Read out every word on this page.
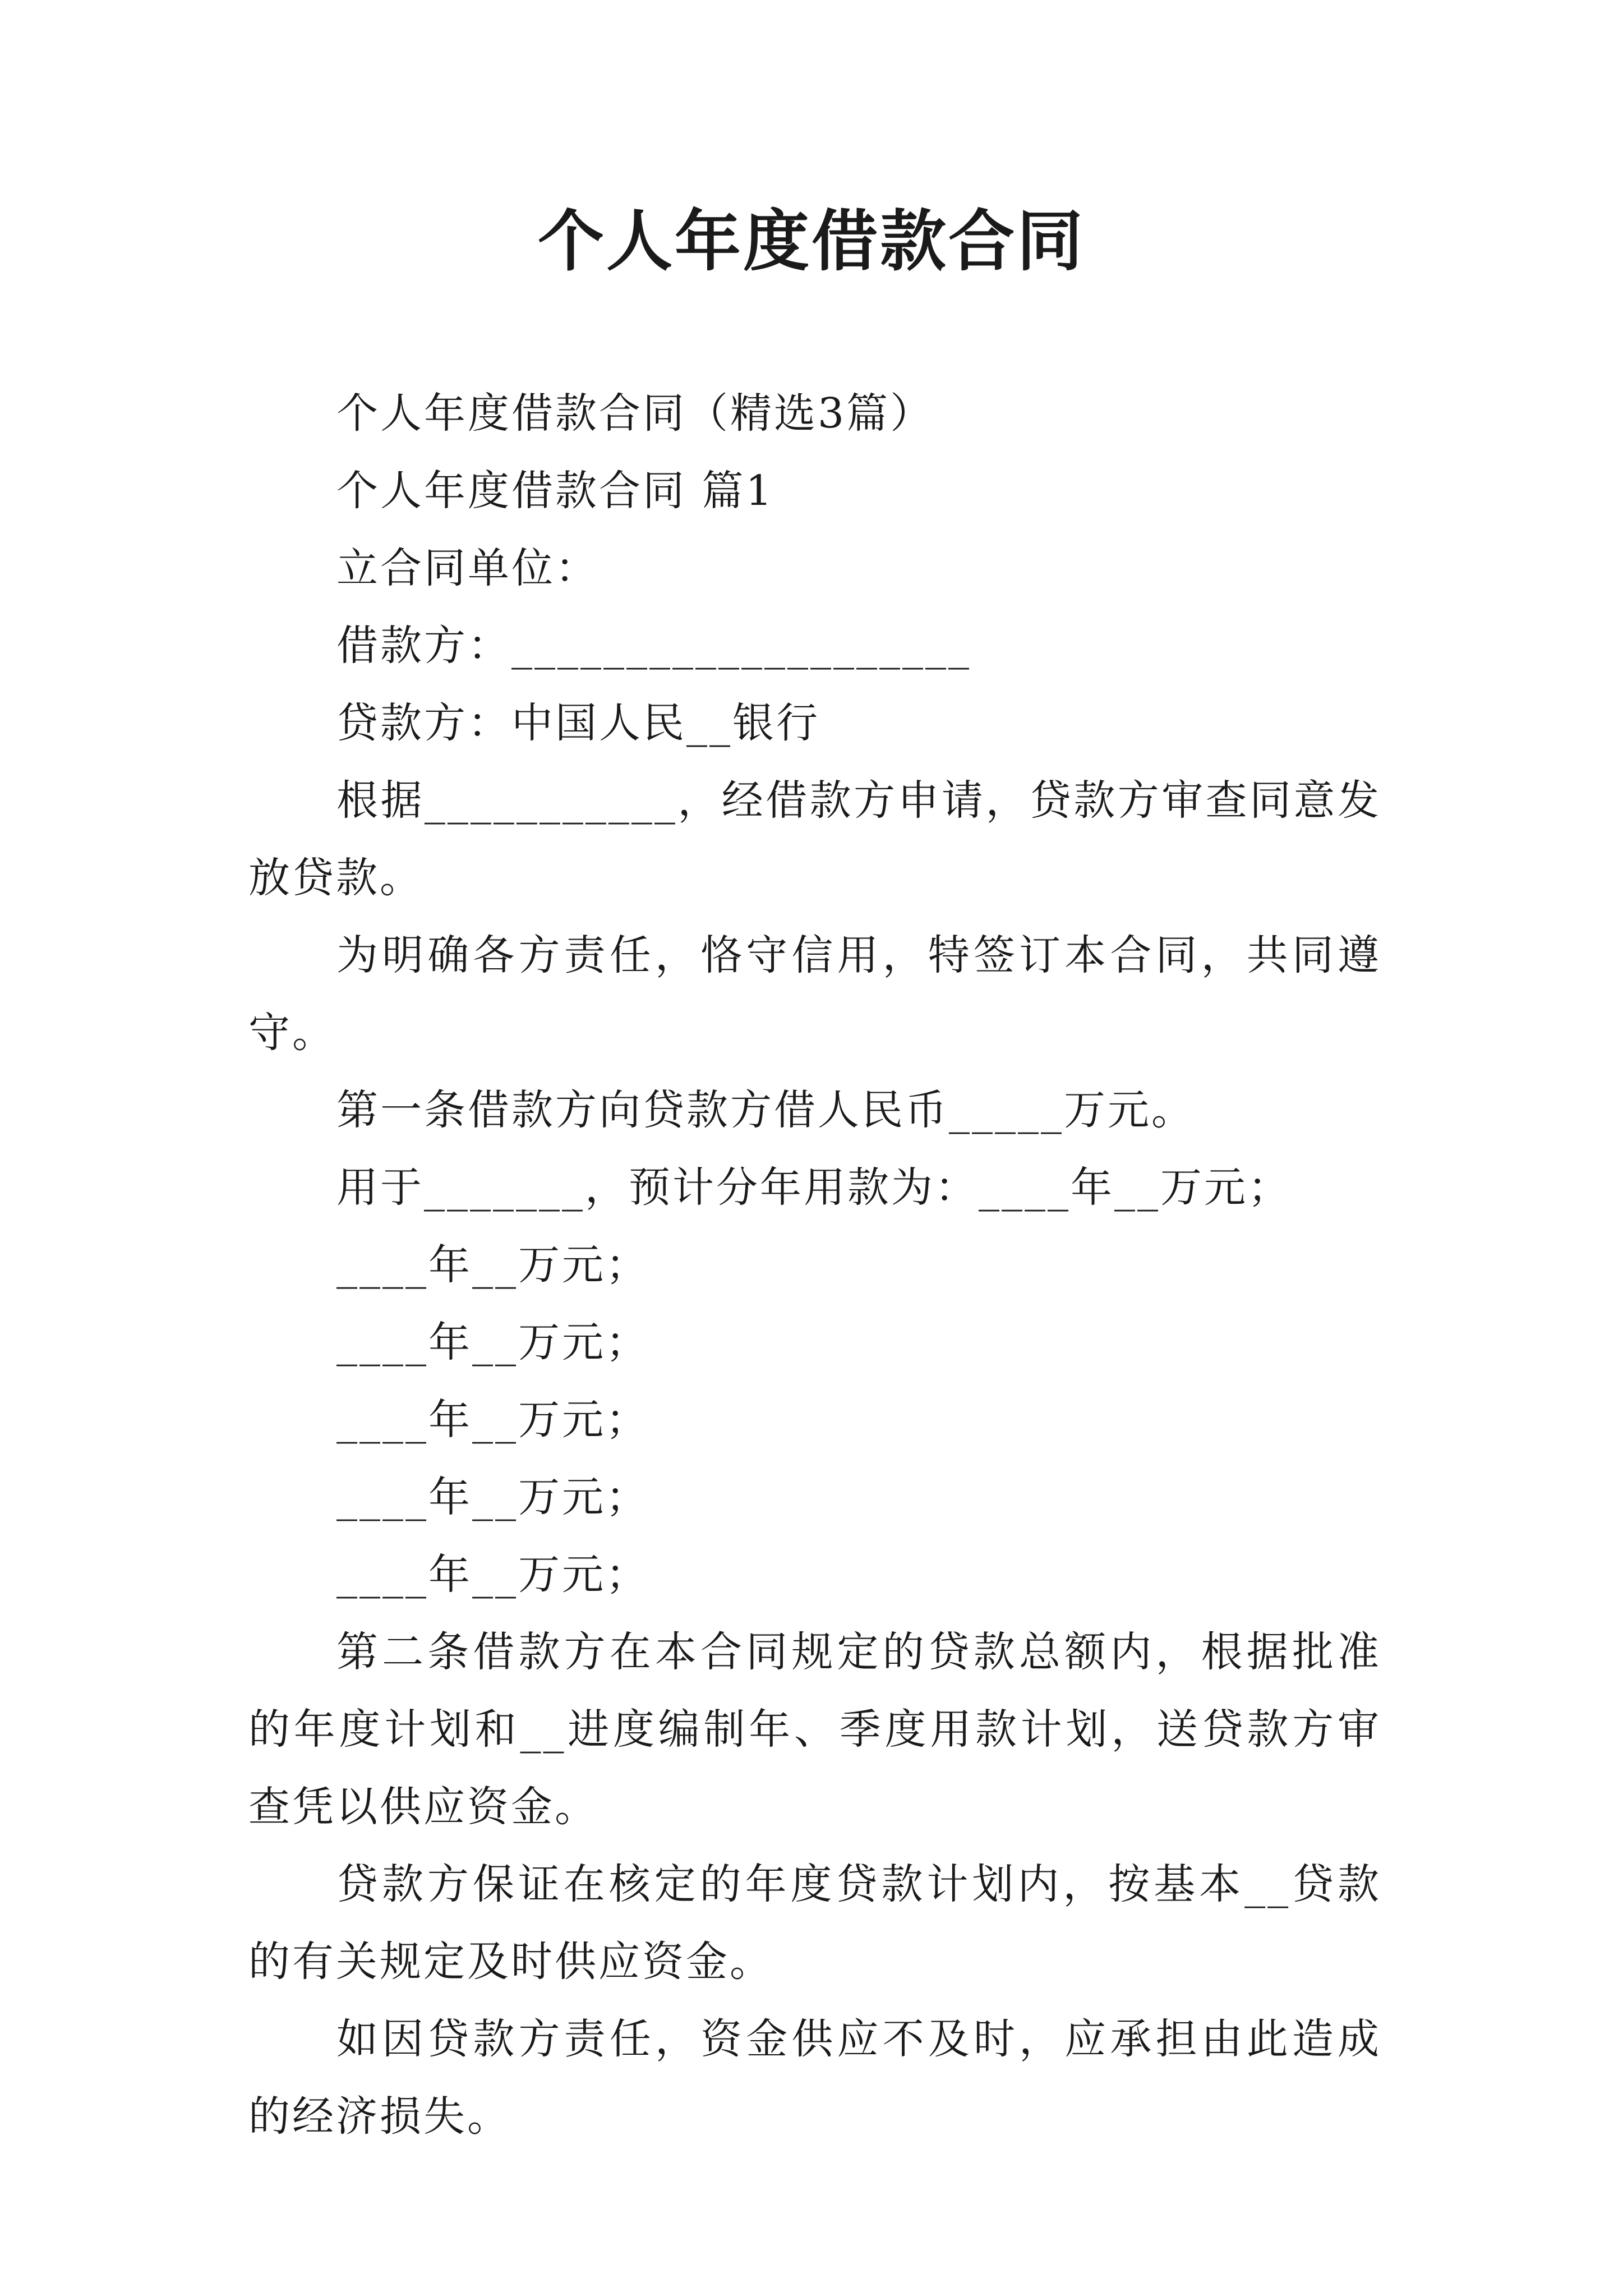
个人年度借款合同

个人年度借款合同（精选3篇）

个人年度借款合同 篇1

立合同单位：

借款方：____________________

贷款方：中国人民__银行

根据___________，经借款方申请，贷款方审查同意发放贷款。

为明确各方责任，恪守信用，特签订本合同，共同遵守。

第一条借款方向贷款方借人民币_____万元。

用于_______，预计分年用款为：____年__万元；

____年__万元；

____年__万元；

____年__万元；

____年__万元；

____年__万元；

第二条借款方在本合同规定的贷款总额内，根据批准的年度计划和__进度编制年、季度用款计划，送贷款方审查凭以供应资金。

贷款方保证在核定的年度贷款计划内，按基本__贷款的有关规定及时供应资金。

如因贷款方责任，资金供应不及时，应承担由此造成的经济损失。
